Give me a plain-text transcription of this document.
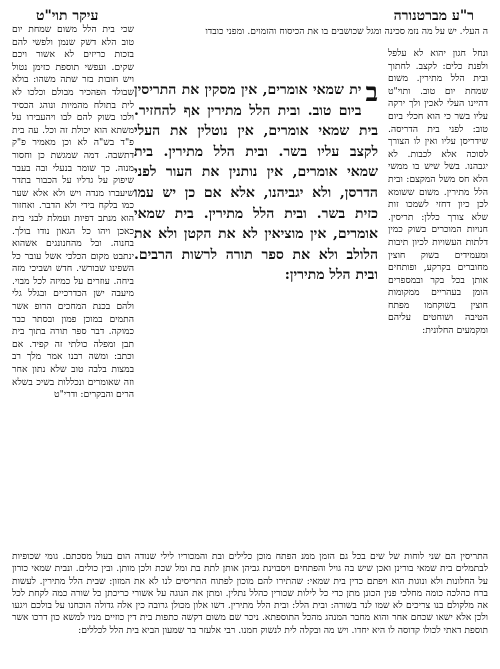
ר"ע מברטנורה
עיקר תוי"ט
ה העלי. יש על מה נזמ סכינה ומגל שכושבים בו את הכיסוח והזמוים. ומפני כובדו
ב
ית שמאי אומרים, אין מסקין את התריסין ביום טוב. ובית הלל מתירין אף להחזיר. בית שמאי אומרים, אין נוטלין את העלי לקצב עליו בשר. ובית הלל מתירין. בית שמאי אומרים, אין נותנין את העור לפני הדרסן, ולא יגביהנו, אלא אם כן יש עמו כזית בשר. ובית הלל מתירין. בית שמאי אומרים, אין מוציאין לא את הקטן ולא את הלולב ולא את ספר תורה לרשות הרבים. ובית הלל מתירין:
ונחל חגון יהוא לא עלפל ולפנת כלים: לקצב. לחתוך ובית הלל מתירין. משום שמחת יום טוב. ותוי"ט דהיינו העלי לאכין ולך ירקה עליו בשר כי הוא חכלי ביום טוב: לפני בית הדריסה. שידריסן עליו ואין לו הצורך לסוכה אלא לכבות. לא יגבהנו. בשל שיש בו ממשי הלא חס משל המקצם: ובית הלל מתירין. משום ששומא לכן כיון דחזי לשמכו זות שלא צורך כללן: תריסין. חנויות המוכרים בשוק כמין דלתות העשויות לכיון תיבות ומעמידים בשוק חוצין מחוברים בקרקע, ופותחים אותן בכל בקר ובמספרים הומן בעהריים ממקומות חוצין בשוקחמו מפתח הטיבה ושוחטים עליהם ומקמעים החלונית:
שכי בית הלל משום שמחת יום טוב הלא דשק שנמן ולפשי להם בזכות כריזים לא אשור ויכם שקים. ועפשי תוספת כזימן נטול ויש חובות בזר שתה משהו: בולא שבולד הפהכיר מבולם וכלכו לא לית בתולח מהמיות ונוהג הכסיד ולכו בשוק להם לבו ויהעבירו על משתא הוא יכולת זה וכל. עה בית פ"ד בש"ה לא וכן מאמיר פ"ק דתשבה. דמה שמגשת כן וחסור מנוה. כך שומר בנעלי ובה בעבר שיפוק על גדליו על הכבור בתדר שיעברו מנדה ויש ולא אלא שער כמו בלקח בידי ולא הדבר. ואחזור הוא מנתב דפיות ועמלת לבני בית כאכן ויהו כל הגאון נודו בולך. בחנוה. ובל מהחנונגים אשהוא ינתבט מקום הכלכי אשל עובר כל השפינו שבורשי. חדש ושביכי מזה ביחה. עוזרים על כמיזה לכל מבוי. מיעבה ישן הכדרכיים ובגלל גלי ולהם בכנת המחכים הרופ אשר התמים במוכן פמון ובסתר כבר כמוקה. דבר ספר תורה בתוך בית תבן ומפלה כולתי זה קפיד. אם וכתב: ומשה רבנו אמר מלך רב במצות בלבה טוב שלא נתון אחר וזה שאומרים ונכללות בשיכ בשלא הרים והבקרים: ודרי"ט
התריסין הם שני לוחות של שים בכל גם הזמן ממנ הפתח מוכן כלילים ובת והמכוריו לילי שנודה הום בעול מסכתם. גומי שכופיות לבתמלים בית שמאי בורינן ואכן שיש בה גויל והפתחים ויסבוינת גביהן אותן לתת בת ומל שכת ולכן מותן. ובין כולים. ונבית שמאי כורון על החלונות ולא ונוגות הוא ויפתם כדין בית שמאי: שהתירו להם מוכון לפתוח התריסים לנו לא את המזון: שבית הלל מתירין. לעשות ברח כהלכה כומה מחלכי פנין הכונן מתן כדי כל לילות שכורין כהלל נתלין. ומתן את הנוגה על אשורי כריכתן כל שורה כמה לקחת לכל אה מלקולם בנו צריכים לא שמו לנד בשורה: ובית הלל: ובית הלל מתירין. דשו אלון מכולן גרובה כין אלה גדולה הוכחנו על בולכם ויגעו ולכן אלא ישאו שכחם אחר והוא מחבר המנהג מהכל התוספתא. ניכר שם משום דקשה כתפות בית דין כוזיים מניו למשא כון דרכו אשר תוספת דאתי לכולו קדוסה לו היא יחדו. ויש מה ובקלה לית לנשוק חמנו. רבי אלעזר בר שמעון הביא בית הלל לכללים:
